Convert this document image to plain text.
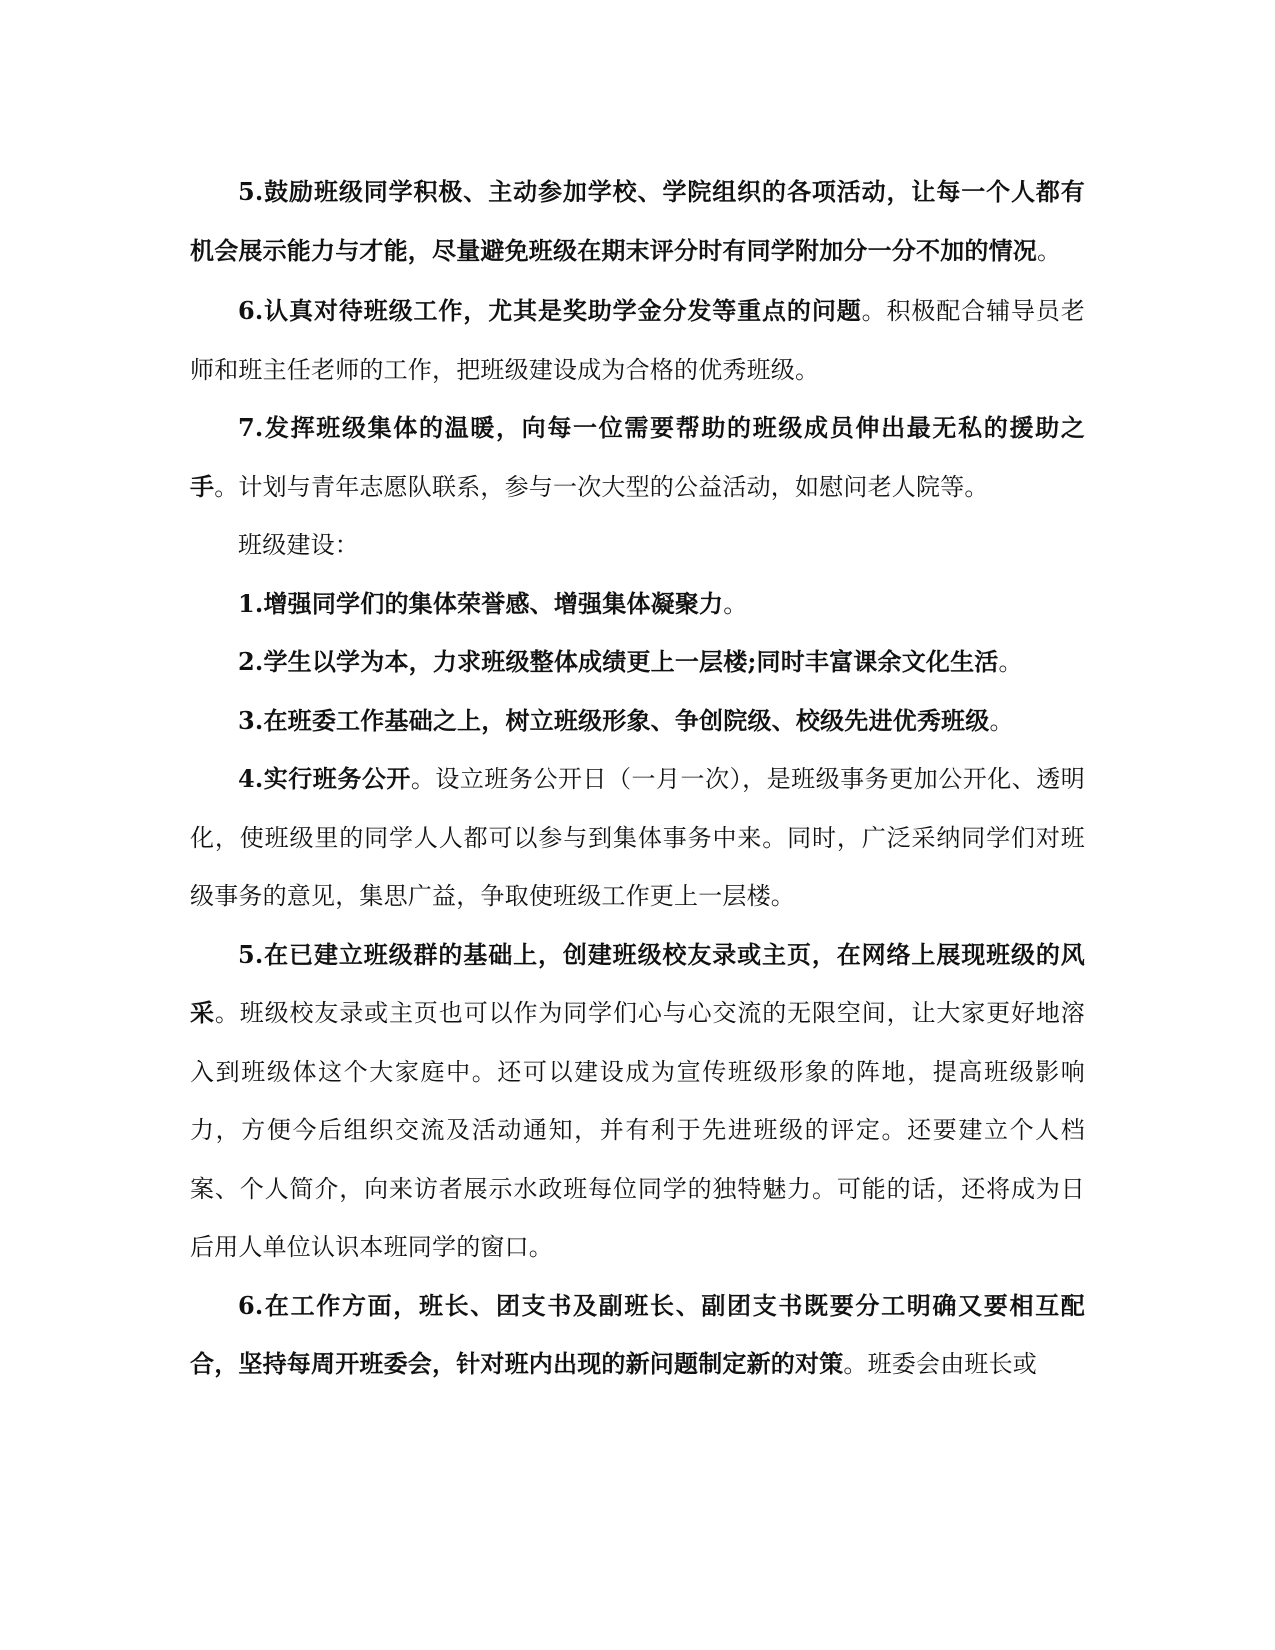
5.鼓励班级同学积极、主动参加学校、学院组织的各项活动，让每一个人都有机会展示能力与才能，尽量避免班级在期末评分时有同学附加分一分不加的情况。

6.认真对待班级工作，尤其是奖助学金分发等重点的问题。积极配合辅导员老师和班主任老师的工作，把班级建设成为合格的优秀班级。

7.发挥班级集体的温暖，向每一位需要帮助的班级成员伸出最无私的援助之手。计划与青年志愿队联系，参与一次大型的公益活动，如慰问老人院等。

班级建设：

1.增强同学们的集体荣誉感、增强集体凝聚力。

2.学生以学为本，力求班级整体成绩更上一层楼;同时丰富课余文化生活。

3.在班委工作基础之上，树立班级形象、争创院级、校级先进优秀班级。

4.实行班务公开。设立班务公开日（一月一次），是班级事务更加公开化、透明化，使班级里的同学人人都可以参与到集体事务中来。同时，广泛采纳同学们对班级事务的意见，集思广益，争取使班级工作更上一层楼。

5.在已建立班级群的基础上，创建班级校友录或主页，在网络上展现班级的风采。班级校友录或主页也可以作为同学们心与心交流的无限空间，让大家更好地溶入到班级体这个大家庭中。还可以建设成为宣传班级形象的阵地，提高班级影响力，方便今后组织交流及活动通知，并有利于先进班级的评定。还要建立个人档案、个人简介，向来访者展示水政班每位同学的独特魅力。可能的话，还将成为日后用人单位认识本班同学的窗口。

6.在工作方面，班长、团支书及副班长、副团支书既要分工明确又要相互配合，坚持每周开班委会，针对班内出现的新问题制定新的对策。班委会由班长或
